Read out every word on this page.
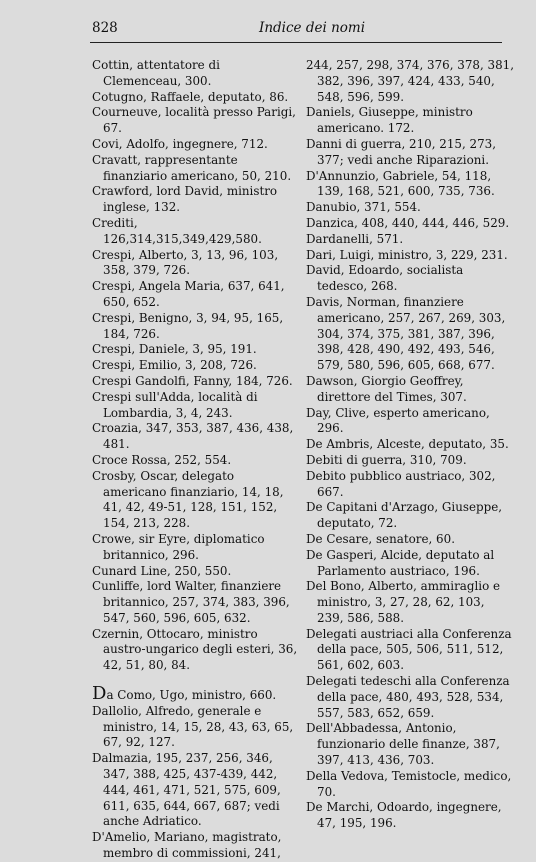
828	Indice dei nomi
Cottin, attentatore di Clemenceau, 300.
Cotugno, Raffaele, deputato, 86.
Courneuve, località presso Parigi, 67.
Covi, Adolfo, ingegnere, 712.
Cravatt, rappresentante finanziario americano, 50, 210.
Crawford, lord David, ministro inglese, 132.
Crediti, 126,314,315,349,429,580.
Crespi, Alberto, 3, 13, 96, 103, 358, 379, 726.
Crespi, Angela Maria, 637, 641, 650, 652.
Crespi, Benigno, 3, 94, 95, 165, 184, 726.
Crespi, Daniele, 3, 95, 191.
Crespi, Emilio, 3, 208, 726.
Crespi Gandolfi, Fanny, 184, 726.
Crespi sull'Adda, località di Lombardia, 3, 4, 243.
Croazia, 347, 353, 387, 436, 438, 481.
Croce Rossa, 252, 554.
Crosby, Oscar, delegato americano finanziario, 14, 18, 41, 42, 49-51, 128, 151, 152, 154, 213, 228.
Crowe, sir Eyre, diplomatico britannico, 296.
Cunard Line, 250, 550.
Cunliffe, lord Walter, finanziere britannico, 257, 374, 383, 396, 547, 560, 596, 605, 632.
Czernin, Ottocaro, ministro austro-ungarico degli esteri, 36, 42, 51, 80, 84.
Da Como, Ugo, ministro, 660.
Dallolio, Alfredo, generale e ministro, 14, 15, 28, 43, 63, 65, 67, 92, 127.
Dalmazia, 195, 237, 256, 346, 347, 388, 425, 437-439, 442, 444, 461, 471, 521, 575, 609, 611, 635, 644, 667, 687; vedi anche Adriatico.
D'Amelio, Mariano, magistrato, membro di commissioni, 241,
244, 257, 298, 374, 376, 378, 381, 382, 396, 397, 424, 433, 540, 548, 596, 599.
Daniels, Giuseppe, ministro americano. 172.
Danni di guerra, 210, 215, 273, 377; vedi anche Riparazioni.
D'Annunzio, Gabriele, 54, 118, 139, 168, 521, 600, 735, 736.
Danubio, 371, 554.
Danzica, 408, 440, 444, 446, 529.
Dardanelli, 571.
Dari, Luigi, ministro, 3, 229, 231.
David, Edoardo, socialista tedesco, 268.
Davis, Norman, finanziere americano, 257, 267, 269, 303, 304, 374, 375, 381, 387, 396, 398, 428, 490, 492, 493, 546, 579, 580, 596, 605, 668, 677.
Dawson, Giorgio Geoffrey, direttore del Times, 307.
Day, Clive, esperto americano, 296.
De Ambris, Alceste, deputato, 35.
Debiti di guerra, 310, 709.
Debito pubblico austriaco, 302, 667.
De Capitani d'Arzago, Giuseppe, deputato, 72.
De Cesare, senatore, 60.
De Gasperi, Alcide, deputato al Parlamento austriaco, 196.
Del Bono, Alberto, ammiraglio e ministro, 3, 27, 28, 62, 103, 239, 586, 588.
Delegati austriaci alla Conferenza della pace, 505, 506, 511, 512, 561, 602, 603.
Delegati tedeschi alla Conferenza della pace, 480, 493, 528, 534, 557, 583, 652, 659.
Dell'Abbadessa, Antonio, funzionario delle finanze, 387, 397, 413, 436, 703.
Della Vedova, Temistocle, medico, 70.
De Marchi, Odoardo, ingegnere, 47, 195, 196.
